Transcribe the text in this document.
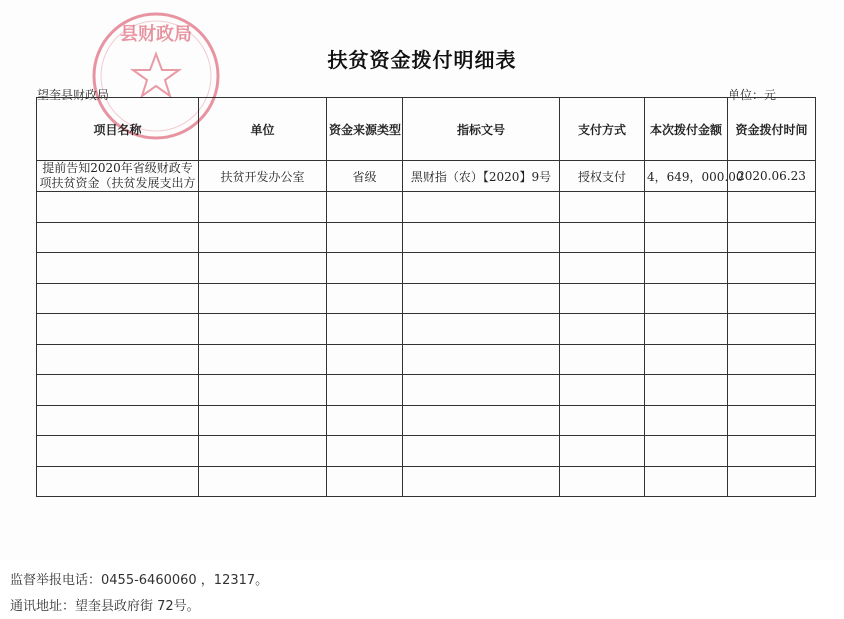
县财政局
扶贫资金拨付明细表
望奎县财政局	单位：元
项目名称	单位	资金来源类型	指标文号	支付方式	本次拨付金额	资金拨付时间
提前告知2020年省级财政专项扶贫资金（扶贫发展支出方	扶贫开发办公室	省级	黑财指（农）【2020】9号	授权支付	4，649，000.00	2020.06.23

监督举报电话：0455-6460060 ，12317。
通讯地址：望奎县政府街 72号。
